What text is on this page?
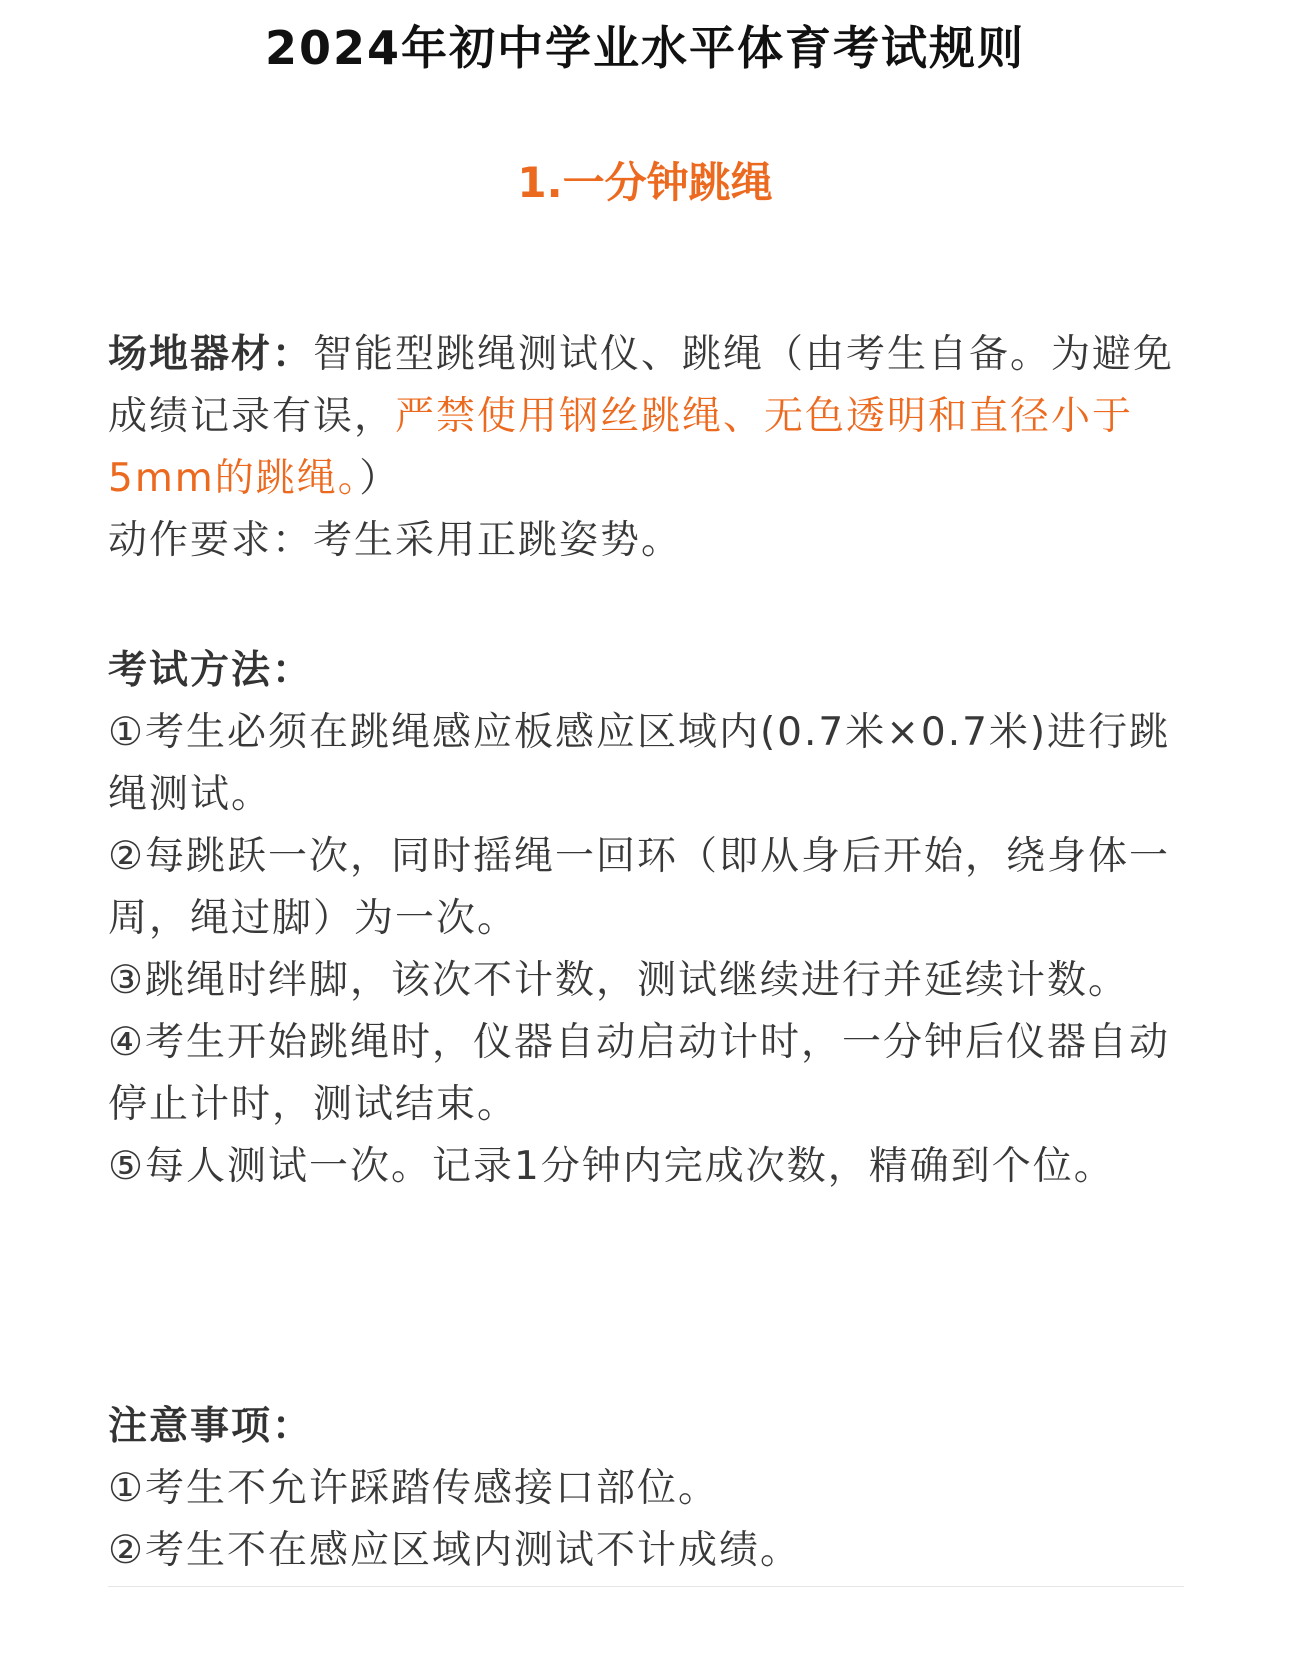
2024年初中学业水平体育考试规则
1.一分钟跳绳

场地器材：智能型跳绳测试仪、跳绳（由考生自备。为避免成绩记录有误，严禁使用钢丝跳绳、无色透明和直径小于5mm的跳绳。）

动作要求：考生采用正跳姿势。

考试方法：

①考生必须在跳绳感应板感应区域内(0.7米×0.7米)进行跳绳测试。

②每跳跃一次，同时摇绳一回环（即从身后开始，绕身体一周，绳过脚）为一次。

③跳绳时绊脚，该次不计数，测试继续进行并延续计数。

④考生开始跳绳时，仪器自动启动计时，一分钟后仪器自动停止计时，测试结束。

⑤每人测试一次。记录1分钟内完成次数，精确到个位。

注意事项：

①考生不允许踩踏传感接口部位。

②考生不在感应区域内测试不计成绩。
